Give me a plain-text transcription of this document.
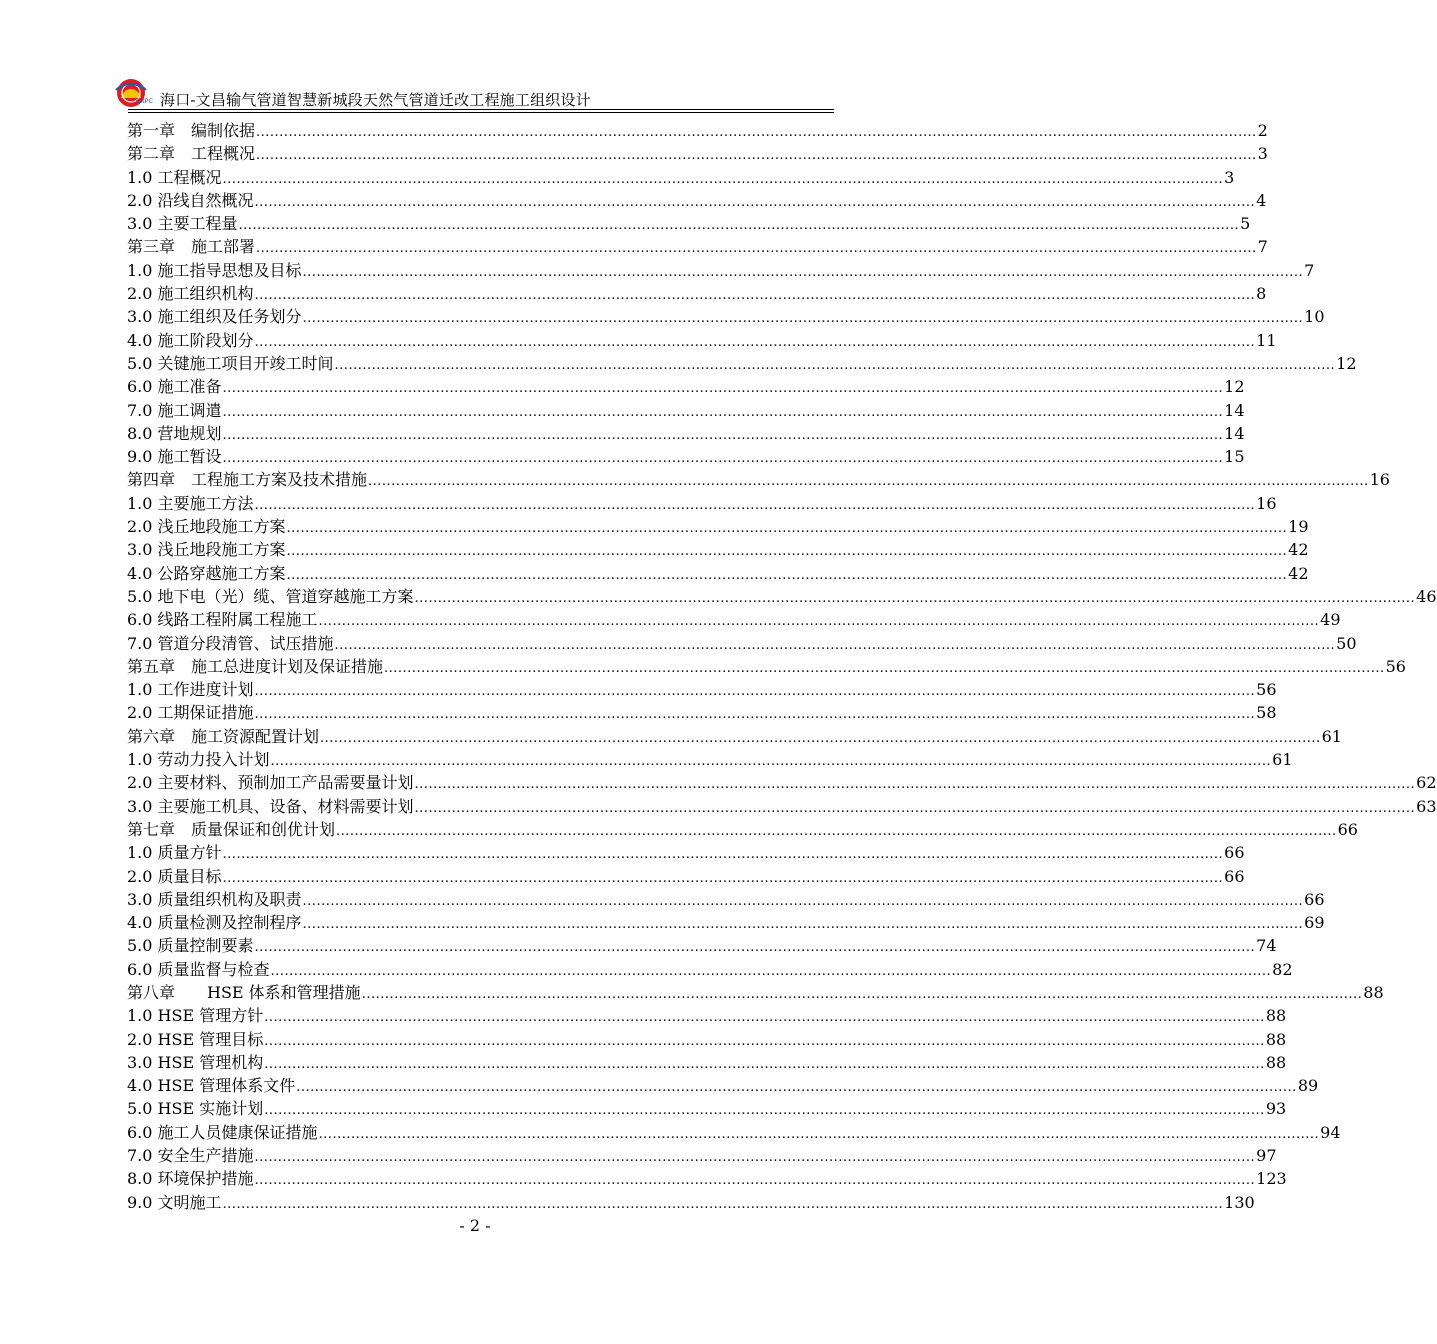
CNPC 海口-文昌输气管道智慧新城段天然气管道迁改工程施工组织设计
第一章　编制依据 .....	2
第二章　工程概况 .....	3
1.0 工程概况 .....	3
2.0 沿线自然概况 .....	4
3.0 主要工程量 .....	5
第三章　施工部署 .....	7
1.0 施工指导思想及目标 .....	7
2.0 施工组织机构 .....	8
3.0 施工组织及任务划分 .....	10
4.0 施工阶段划分 .....	11
5.0 关键施工项目开竣工时间 .....	12
6.0 施工准备 .....	12
7.0 施工调遣 .....	14
8.0 营地规划 .....	14
9.0 施工暂设 .....	15
第四章　工程施工方案及技术措施 .....	16
1.0 主要施工方法 .....	16
2.0 浅丘地段施工方案 .....	19
3.0 浅丘地段施工方案 .....	42
4.0 公路穿越施工方案 .....	42
5.0 地下电（光）缆、管道穿越施工方案 .....	46
6.0 线路工程附属工程施工 .....	49
7.0 管道分段清管、试压措施 .....	50
第五章　施工总进度计划及保证措施 .....	56
1.0 工作进度计划 .....	56
2.0 工期保证措施 .....	58
第六章　施工资源配置计划 .....	61
1.0 劳动力投入计划 .....	61
2.0 主要材料、预制加工产品需要量计划 .....	62
3.0 主要施工机具、设备、材料需要计划 .....	63
第七章　质量保证和创优计划 .....	66
1.0 质量方针 .....	66
2.0 质量目标 .....	66
3.0 质量组织机构及职责 .....	66
4.0 质量检测及控制程序 .....	69
5.0 质量控制要素 .....	74
6.0 质量监督与检查 .....	82
第八章　　HSE 体系和管理措施 .....	88
1.0 HSE 管理方针 .....	88
2.0 HSE 管理目标 .....	88
3.0 HSE 管理机构 .....	88
4.0 HSE 管理体系文件 .....	89
5.0 HSE 实施计划 .....	93
6.0 施工人员健康保证措施 .....	94
7.0 安全生产措施 .....	97
8.0 环境保护措施 .....	123
9.0 文明施工 .....	130
- 2 -
